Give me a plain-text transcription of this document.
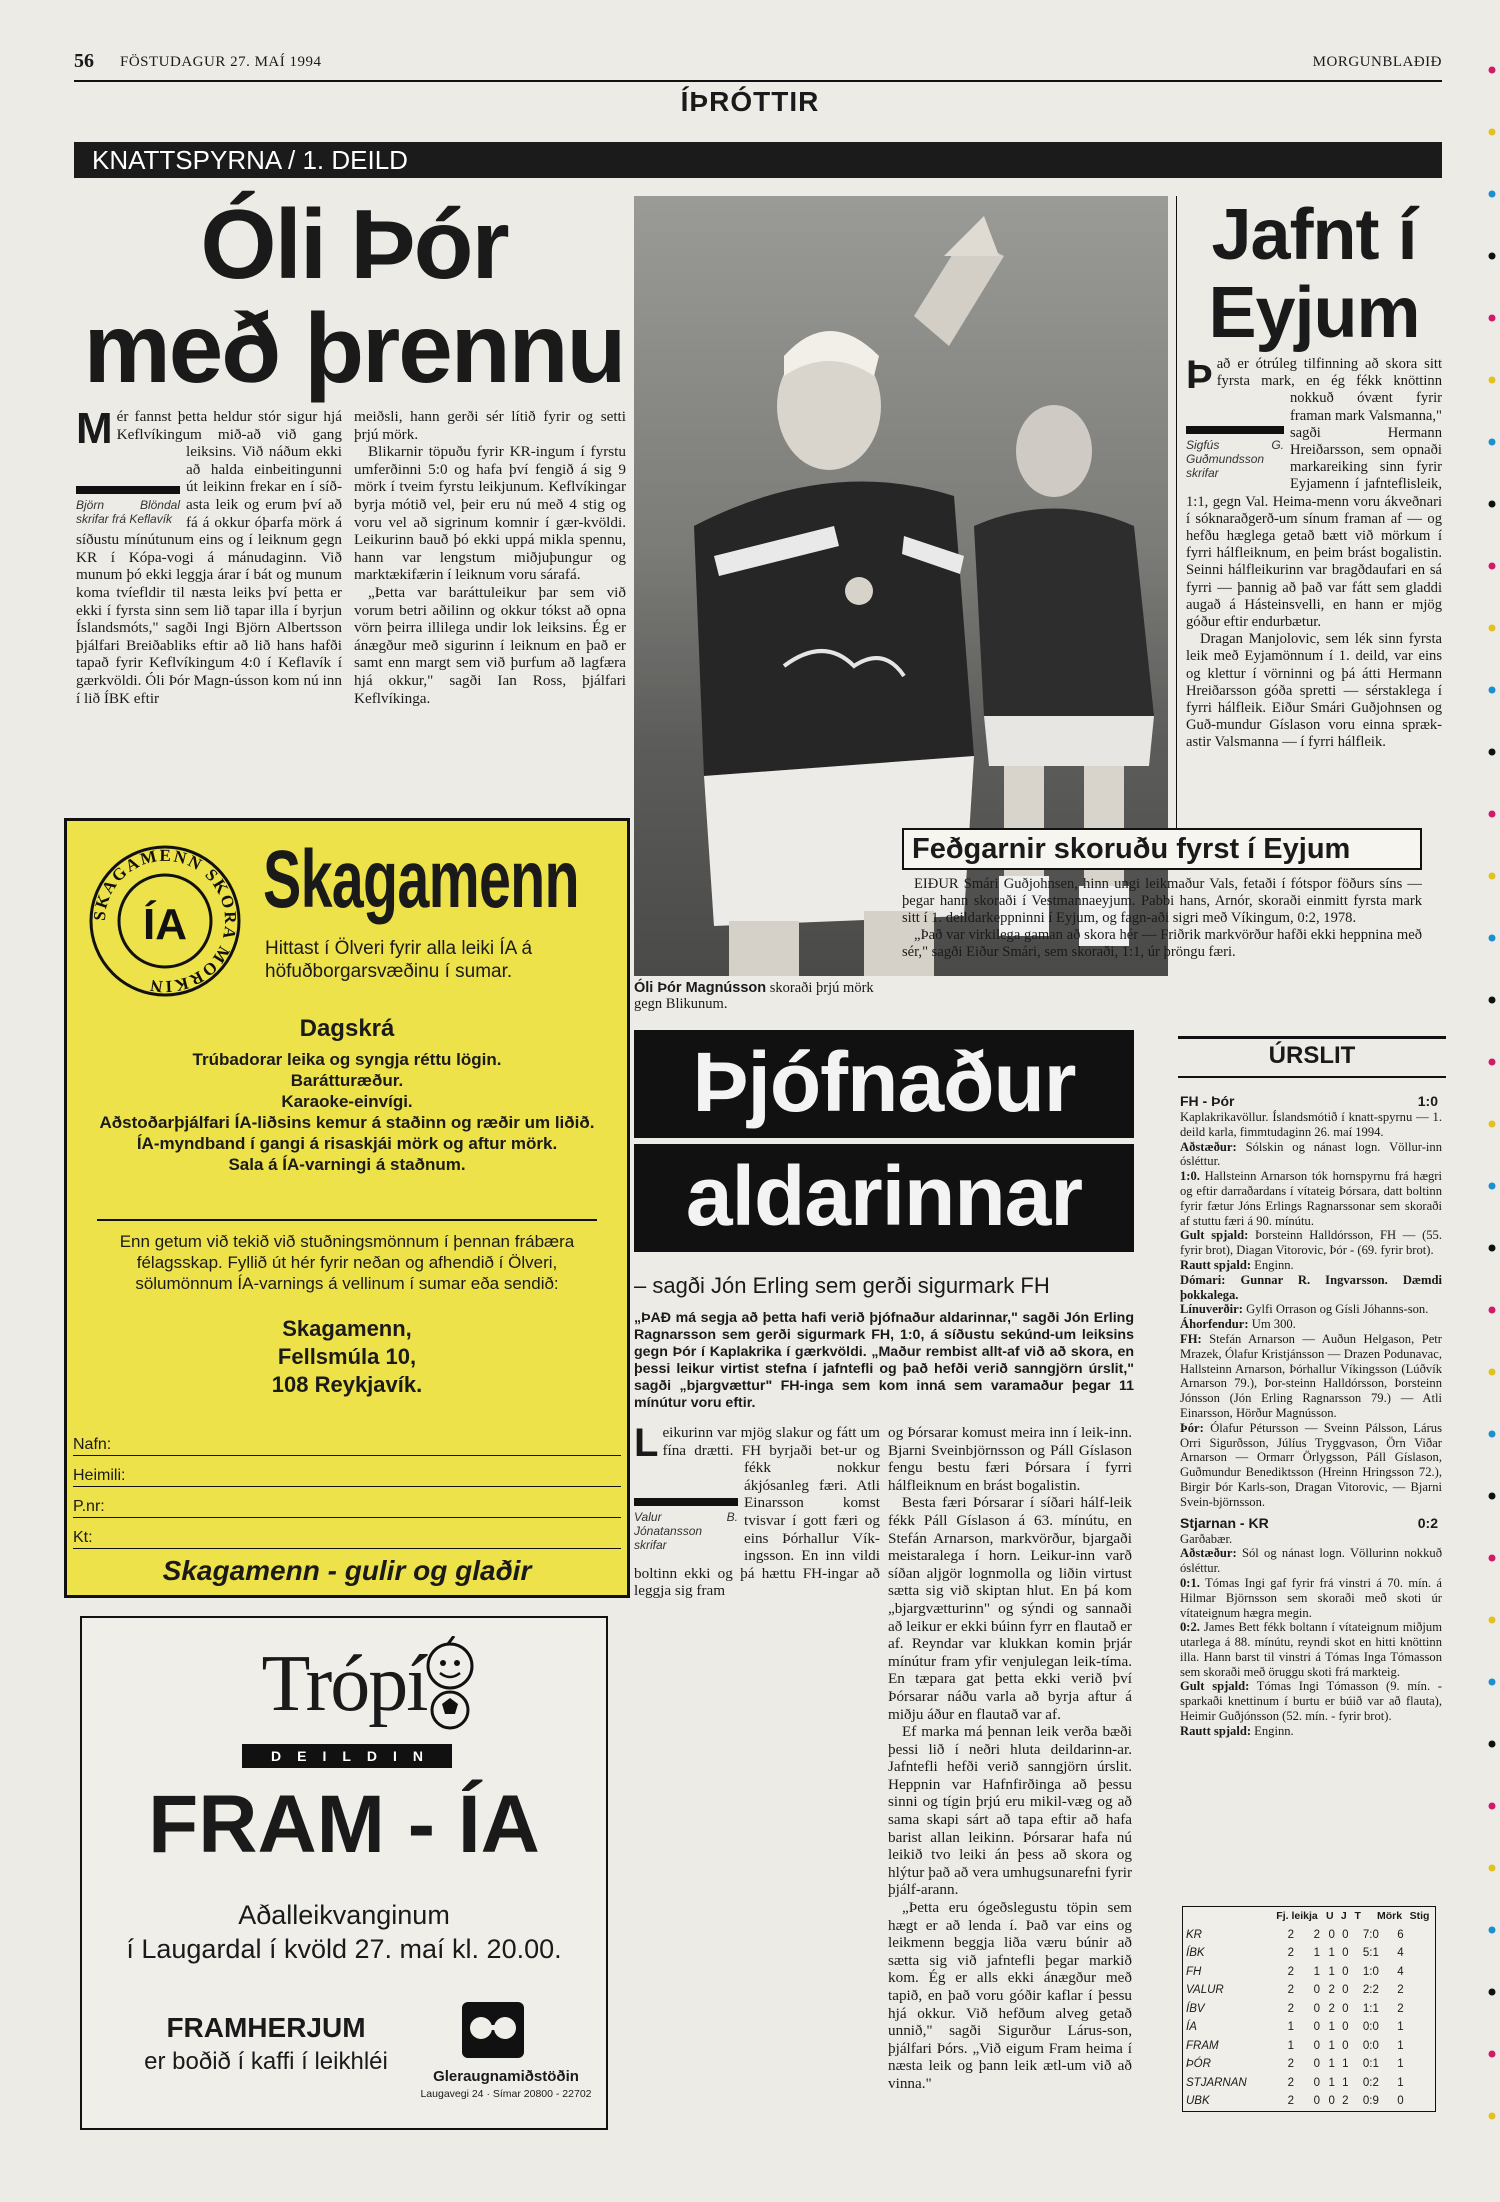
56 FÖSTUDAGUR 27. MAÍ 1994	MORGUNBLAÐIÐ
ÍÞRÓTTIR
KNATTSPYRNA / 1. DEILD
Óli Þór
með þrennu
M
Björn Blöndal skrifar frá Keflavík
ér fannst þetta heldur stór sigur hjá Keflvíkingum mið-að við gang leiksins. Við náðum ekki að halda einbeitingunni út leikinn frekar en í síð-asta leik og erum því að fá á okkur óþarfa mörk á síðustu mínútunum eins og í leiknum gegn KR í Kópa-vogi á mánudaginn. Við munum þó ekki leggja árar í bát og munum koma tvíefldir til næsta leiks því þetta er ekki í fyrsta sinn sem lið tapar illa í byrjun Íslandsmóts," sagði Ingi Björn Albertsson þjálfari Breiðabliks eftir að lið hans hafði tapað fyrir Keflvíkingum 4:0 í Keflavík í gærkvöldi. Óli Þór Magn-ússon kom nú inn í lið ÍBK eftir

meiðsli, hann gerði sér lítið fyrir og setti þrjú mörk.

Blikarnir töpuðu fyrir KR-ingum í fyrstu umferðinni 5:0 og hafa því fengið á sig 9 mörk í tveim fyrstu leikjunum. Keflvíkingar byrja mótið vel, þeir eru nú með 4 stig og voru vel að sigrinum komnir í gær-kvöldi. Leikurinn bauð þó ekki uppá mikla spennu, hann var lengstum miðjuþungur og marktækifærin í leiknum voru sárafá.

„Þetta var baráttuleikur þar sem við vorum betri aðilinn og okkur tókst að opna vörn þeirra illilega undir lok leiksins. Ég er ánægður með sigurinn í leiknum en það er samt enn margt sem við þurfum að lagfæra hjá okkur," sagði Ian Ross, þjálfari Keflvíkinga.

Óli Þór Magnússon skoraði þrjú mörk gegn Blikunum.
Jafnt í
Eyjum
Þ
Sigfús G. Guðmundsson skrifar
að er ótrúleg tilfinning að skora sitt fyrsta mark, en ég fékk knöttinn nokkuð óvænt fyrir framan mark Valsmanna," sagði Hermann Hreiðarsson, sem opnaði markareiking sinn fyrir Eyjamenn í jafnteflisleik, 1:1, gegn Val. Heima-menn voru ákveðnari í sóknaraðgerð-um sínum framan af — og hefðu hæglega getað bætt við mörkum í fyrri hálfleiknum, en þeim brást bogalistin. Seinni hálfleikurinn var bragðdaufari en sá fyrri — þannig að það var fátt sem gladdi augað á Hásteinsvelli, en hann er mjög góður eftir endurbætur.

Dragan Manjolovic, sem lék sinn fyrsta leik með Eyjamönnum í 1. deild, var eins og klettur í vörninni og þá átti Hermann Hreiðarsson góða spretti — sérstaklega í fyrri hálfleik. Eiður Smári Guðjohnsen og Guð-mundur Gíslason voru einna spræk-astir Valsmanna — í fyrri hálfleik.

Feðgarnir skoruðu fyrst í Eyjum

EIÐUR Smári Guðjohnsen, hinn ungi leikmaður Vals, fetaði í fótspor föðurs síns — þegar hann skoraði í Vestmannaeyjum. Pabbi hans, Arnór, skoraði einmitt fyrsta mark sitt í 1. deildarkeppninni í Eyjum, og fagn-aði sigri með Víkingum, 0:2, 1978.

„Það var virkilega gaman að skora hér — Friðrik markvörður hafði ekki heppnina með sér," sagði Eiður Smári, sem skoraði, 1:1, úr þröngu færi.

SKAGAMENN SKORA MÖRKIN
ÍA Skagamenn
Hittast í Ölveri fyrir alla leiki ÍA á höfuðborgarsvæðinu í sumar.
Dagskrá
Trúbadorar leika og syngja réttu lögin.
Barátturæður.
Karaoke-einvígi.
Aðstoðarþjálfari ÍA-liðsins kemur á staðinn og ræðir um liðið.
ÍA-myndband í gangi á risaskjái mörk og aftur mörk.
Sala á ÍA-varningi á staðnum.
Enn getum við tekið við stuðningsmönnum í þennan frábæra félagsskap. Fyllið út hér fyrir neðan og afhendið í Ölveri, sölumönnum ÍA-varnings á vellinum í sumar eða sendið:
Skagamenn,
Fellsmúla 10,
108 Reykjavík.
Nafn:
Heimili:
P.nr:
Kt:
Skagamenn - gulir og glaðir
Trópí
DEILDIN
FRAM - ÍA
Aðalleikvanginum
í Laugardal í kvöld 27. maí kl. 20.00.
FRAMHERJUM
er boðið í kaffi í leikhléi
Gleraugnamiðstöðin
Laugavegi 24 · Símar 20800 - 22702
Þjófnaður
aldarinnar
– sagði Jón Erling sem gerði sigurmark FH
„ÞAÐ má segja að þetta hafi verið þjófnaður aldarinnar," sagði Jón Erling Ragnarsson sem gerði sigurmark FH, 1:0, á síðustu sekúnd-um leiksins gegn Þór í Kaplakrika í gærkvöldi. „Maður rembist allt-af við að skora, en þessi leikur virtist stefna í jafntefli og það hefði verið sanngjörn úrslit," sagði „bjargvættur" FH-inga sem kom inná sem varamaður þegar 11 mínútur voru eftir.
L
Valur B. Jónatansson skrifar
eikurinn var mjög slakur og fátt um fína drætti. FH byrjaði bet-ur og fékk nokkur ákjósanleg færi. Atli Einarsson komst tvisvar í gott færi og eins Þórhallur Vík-ingsson. En inn vildi boltinn ekki og þá hættu FH-ingar að leggja sig fram

og Þórsarar komust meira inn í leik-inn. Bjarni Sveinbjörnsson og Páll Gíslason fengu bestu færi Þórsara í fyrri hálfleiknum en brást bogalistin.

Besta færi Þórsarar í síðari hálf-leik fékk Páll Gíslason á 63. mínútu, en Stefán Arnarson, markvörður, bjargaði meistaralega í horn. Leikur-inn varð síðan aljgör lognmolla og liðin virtust sætta sig við skiptan hlut. En þá kom „bjargvætturinn" og sýndi og sannaði að leikur er ekki búinn fyrr en flautað er af. Reyndar var klukkan komin þrjár mínútur fram yfir venjulegan leik-tíma. En tæpara gat þetta ekki verið því Þórsarar náðu varla að byrja aftur á miðju áður en flautað var af.

Ef marka má þennan leik verða bæði þessi lið í neðri hluta deildarinn-ar. Jafntefli hefði verið sanngjörn úrslit. Heppnin var Hafnfirðinga að þessu sinni og tígin þrjú eru mikil-væg og að sama skapi sárt að tapa eftir að hafa barist allan leikinn. Þórsarar hafa nú leikið tvo leiki án þess að skora og hlýtur það að vera umhugsunarefni fyrir þjálf-arann.

„Þetta eru ógeðslegustu töpin sem hægt er að lenda í. Það var eins og leikmenn beggja liða væru búnir að sætta sig við jafntefli þegar markið kom. Ég er alls ekki ánægður með tapið, en það voru góðir kaflar í þessu hjá okkur. Við hefðum alveg getað unnið," sagði Sigurður Lárus-son, þjálfari Þórs. „Við eigum Fram heima í næsta leik og þann leik ætl-um við að vinna."

ÚRSLIT
FH - Þór	1:0

Kaplakrikavöllur. Íslandsmótið í knatt-spyrnu — 1. deild karla, fimmtudaginn 26. maí 1994.

Aðstæður: Sólskin og nánast logn. Völlur-inn ósléttur.

1:0. Hallsteinn Arnarson tók hornspyrnu frá hægri og eftir darraðardans í vítateig Þórsara, datt boltinn fyrir fætur Jóns Erlings Ragnarssonar sem skoraði af stuttu færi á 90. mínútu.

Gult spjald: Þorsteinn Halldórsson, FH — (55. fyrir brot), Diagan Vitorovic, Þór - (69. fyrir brot).

Rautt spjald: Enginn.

Dómari: Gunnar R. Ingvarsson. Dæmdi þokkalega.

Línuverðir: Gylfi Orrason og Gísli Jóhanns-son.

Áhorfendur: Um 300.

FH: Stefán Arnarson — Auðun Helgason, Petr Mrazek, Ólafur Kristjánsson — Drazen Podunavac, Hallsteinn Arnarson, Þórhallur Víkingsson (Lúðvík Arnarson 79.), Þor-steinn Halldórsson, Þorsteinn Jónsson (Jón Erling Ragnarsson 79.) — Atli Einarsson, Hörður Magnússon.

Þór: Ólafur Pétursson — Sveinn Pálsson, Lárus Orri Sigurðsson, Júlíus Tryggvason, Örn Viðar Arnarson — Ormarr Örlygsson, Páll Gíslason, Guðmundur Benediktsson (Hreinn Hringsson 72.), Birgir Þór Karls-son, Dragan Vitorovic, — Bjarni Svein-björnsson.

Stjarnan - KR	0:2

Garðabær.

Aðstæður: Sól og nánast logn. Völlurinn nokkuð ósléttur.

0:1. Tómas Ingi gaf fyrir frá vinstri á 70. mín. á Hilmar Björnsson sem skoraði með skoti úr vítateignum hægra megin.

0:2. James Bett fékk boltann í vítateignum miðjum utarlega á 88. mínútu, reyndi skot en hitti knöttinn illa. Hann barst til vinstri á Tómas Inga Tómasson sem skoraði með öruggu skoti frá markteig.

Gult spjald: Tómas Ingi Tómasson (9. mín. - sparkaði knettinum í burtu er búið var að flauta), Heimir Guðjónsson (52. mín. - fyrir brot).

Rautt spjald: Enginn.

	Fj. leikja		U	J	T	Mörk		Stig
KR	2	2	0	0	7:	0	6	
ÍBK	2	1	1	0	5:	1	4	
FH	2	1	1	0	1:	0	4	
VALUR	2	0	2	0	2:	2	2	
ÍBV	2	0	2	0	1:	1	2	
ÍA	1	0	1	0	0:	0	1	
FRAM	1	0	1	0	0:	0	1	
ÞÓR	2	0	1	1	0:	1	1	
STJARNAN	2	0	1	1	0:	2	1	
UBK	2	0	0	2	0:	9	0	
